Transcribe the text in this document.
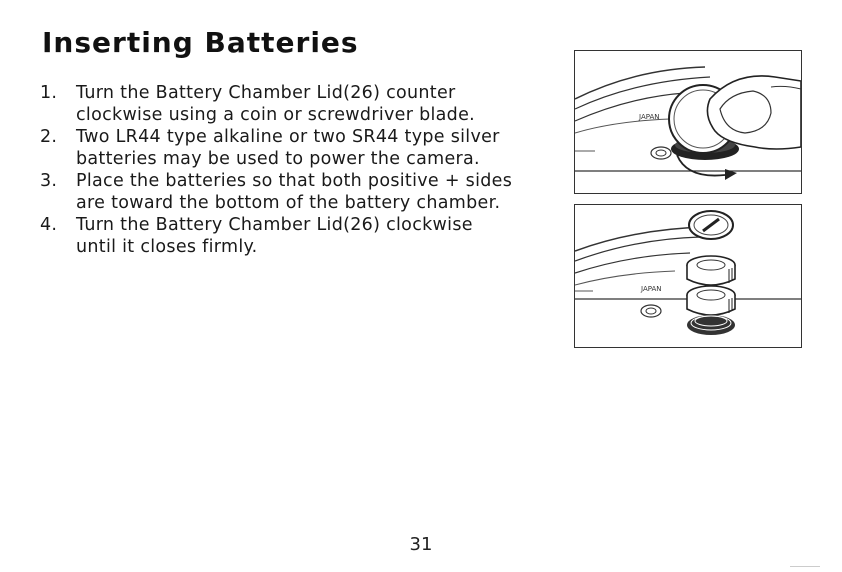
Inserting Batteries
1.	Turn the Battery Chamber Lid(26) counter
clockwise using a coin or screwdriver blade.
2.	Two LR44 type alkaline or two SR44 type silver
batteries may be used to power the camera.
3.	Place the batteries so that both positive + sides
are toward the bottom of the battery chamber.
4.	Turn the Battery Chamber Lid(26) clockwise
until it closes firmly.
JAPAN
JAPAN
31
